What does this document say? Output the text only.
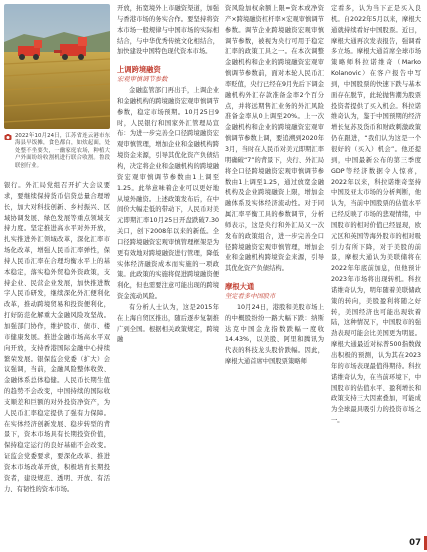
2022年10月24日，江苏省连云港市东海县早饭摊，食色都白，如炊起面，处处整不坐要失，一幽家庭农场，种植大户外面纷纷收割机进行联合收割。鲁段联创行业。

银行。外汇局党组召开扩大会议要求，要继续保持货币信贷总量合理增长，加大对科技创新、乡村振兴、区域协调发展、绿色发展等重点领域支持力度。坚定推进高水平对外开放，扎实推进外汇领域改革，深化汇率市场化改革，增强人民币汇率弹性，保持人民币汇率在合理均衡水平上的基本稳定，落实稳外贸稳外资政策，支持企业、民营企业发展，加快推进数字人民币研发，继续深化外汇便利化改革，推动跨境贸易和投资便利化，打好防范化解重大金融风险攻坚战。加强部门协作，维护股市、债市、楼市健康发展。推进金融市场高水平双向开放，支持香港国际金融中心持续繁荣发展。银保监会党委（扩大）会议强调，当前，金融风险整体收敛、金融体系总体稳健。人民币长期生值的趋势不会改变，中国持续的国际收支顺差和巨额的对外投资净资产，为人民币汇率稳定提供了强有力保障。在实体经济创新发展、稳步转型的背景下，资本市场具有长期投资价值，保持稳定运行的良好基础不会改变。证监会党委要求，要深化改革、推进资本市场改革开放，积极培育长期投资者，建设规范、透明、开放、有活力、有韧性的资本市场。

开放，拓宽境外上市融资渠道，加强与香港市场的务实合作。要坚持将资本市场一般规律与中国市场的实际相结合，与中华优秀传统文化相结合，加快建设中国特色现代资本市场。

上调跨境融资
宏观审慎调节参数

金融监管部门再出手，上调企业和金融机构的跨境融资宏观审慎调节参数，稳定市场预期。10月25日9时，人民银行和国家外汇管理局宣布：为进一步完善全口径跨境融资宏观审慎管理，增加企业和金融机构跨境资金来源，引导其优化资产负债结构，决定将企业和金融机构的跨境融资宏观审慎调节参数由1上调至1.25。此举意味着企业可以更好地从境外融资。上述政策发布后，在中间价大幅走低的带动下，人民币对美元即期汇率10月25日开盘跌破7.30关口，创下2008年以来的新低。全口径跨境融资宏观审慎管理框架是为更有效地对跨境融资进行管理，降低实体经济融资成本而实施的一项政策。此政策的实施将促进跨境融资便利化，但也需要注意可能出现的跨境资金流动风险。

有分析人士认为，这是2015年在上海自贸区推出，随后逐步复制推广到全国。根据相关政策规定，跨境融

资风险加权余额上限=资本或净资产×跨境融资杠杆率×宏观审慎调节参数。调节企业跨境融资宏观审慎调节参数，被视为央行可用于稳定汇率的政策工具之一。在本次调整金融机构和企业的跨境融资宏观审慎调节参数前，面对本轮人民币汇率贬值，央行已经在9月先后下调金融机构外汇存款准备金率2个百分点，并将远期售汇业务的外汇风险准备金率从0上调至20%。上一次金融机构和企业的跨境融资宏观审慎调节参数上调，要追溯到2020年3月，当时在人民币对美元即期汇率明确破“7”的背景下，央行、外汇局将全口径跨境融资宏观审慎调节参数由1上调至1.25，通过放宽金融机构及企业跨境融资上限，增加金融体系及实体经济流动性。对于同属汇率平衡工具的参数调节，分析师表示，这是央行和外汇局又一次发布的政策组合，进一步完善全口径跨境融资宏观审慎管理，增加企业和金融机构跨境资金来源，引导其优化资产负债结构。

摩根大通
坚定看多中国股市

10月24日，港股和美股市场上的中概股纷纷一路大幅下跌：纳斯达克中国金龙指数跌幅一度收14.43%，以美股、阿里和腾讯为代表的科技龙头股价跌幅。因此，摩根大通首席中国股票策略师

定看多，认为当下正是买入良机。自2022年5月以来，摩根大通就持续看好中国股票。近日，摩根大通再次发表报告，强调看多立场。摩根大通首席全球市场策略师科拉诺维奇（Marko Kolanovic）在客户报告中写到，中国股票的快速下跌与基本面存在脱节，此轮抛售潮为股票投资者提供了买入机会。科拉诺维奇认为，鉴于中国预期的经济增长复苏及货币和财政刺激政策仍在跟进，“我们认为这是一个很好的（买入）机会”。他还提到，中国最新公布的第三季度GDP等经济数据令人惊喜，2022年以来，科拉诺维奇坚持中国及亚太市场的分析判断，他认为，当前中国股票的估值水平已经反映了市场的悲观情绪，中国股市的相对价值已经显现，欧元区和英国等海外股市的相对吸引力有所下降，对于美股的前景，摩根大通认为美联储将在2022年年底前加息，但他预计2023年市场将出现转机。科拉诺维奇认为，明年随着美联储政策的转向，美股盈利将随之好转，美国经济也可能出现软着陆，这种情况下，中国股市的强劲表现可能会比美国更为明显。摩根大通最近对标普500指数做出积极的预测，认为其在2023年的市场表现最值得期待。科拉诺维奇认为，在当前环境下，中国股市的估值水平、盈利增长和政策支持三大因素叠加，可能成为全球最具吸引力的投资市场之一。

07
